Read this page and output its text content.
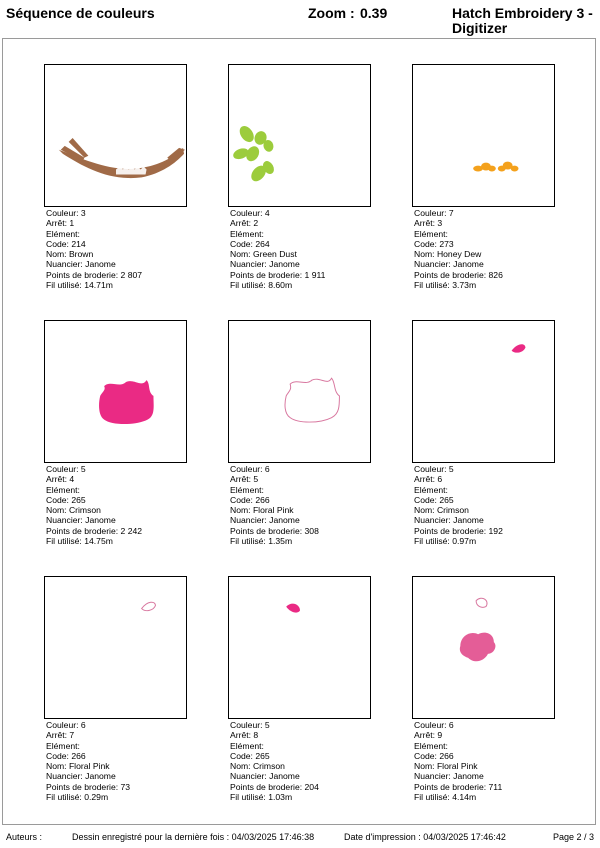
Séquence de couleurs	Zoom : 0.39	Hatch Embroidery 3 -
Digitizer
Couleur: 3
Arrêt: 1
Elément:
Code: 214
Nom: Brown
Nuancier: Janome
Points de broderie: 2 807
Fil utilisé: 14.71m
Couleur: 4
Arrêt: 2
Elément:
Code: 264
Nom: Green Dust
Nuancier: Janome
Points de broderie: 1 911
Fil utilisé: 8.60m
Couleur: 7
Arrêt: 3
Elément:
Code: 273
Nom: Honey Dew
Nuancier: Janome
Points de broderie: 826
Fil utilisé: 3.73m
Couleur: 5
Arrêt: 4
Elément:
Code: 265
Nom: Crimson
Nuancier: Janome
Points de broderie: 2 242
Fil utilisé: 14.75m
Couleur: 6
Arrêt: 5
Elément:
Code: 266
Nom: Floral Pink
Nuancier: Janome
Points de broderie: 308
Fil utilisé: 1.35m
Couleur: 5
Arrêt: 6
Elément:
Code: 265
Nom: Crimson
Nuancier: Janome
Points de broderie: 192
Fil utilisé: 0.97m
Couleur: 6
Arrêt: 7
Elément:
Code: 266
Nom: Floral Pink
Nuancier: Janome
Points de broderie: 73
Fil utilisé: 0.29m
Couleur: 5
Arrêt: 8
Elément:
Code: 265
Nom: Crimson
Nuancier: Janome
Points de broderie: 204
Fil utilisé: 1.03m
Couleur: 6
Arrêt: 9
Elément:
Code: 266
Nom: Floral Pink
Nuancier: Janome
Points de broderie: 711
Fil utilisé: 4.14m
Auteurs :	Dessin enregistré pour la dernière fois : 04/03/2025 17:46:38	Date d'impression : 04/03/2025 17:46:42	Page 2 / 3
